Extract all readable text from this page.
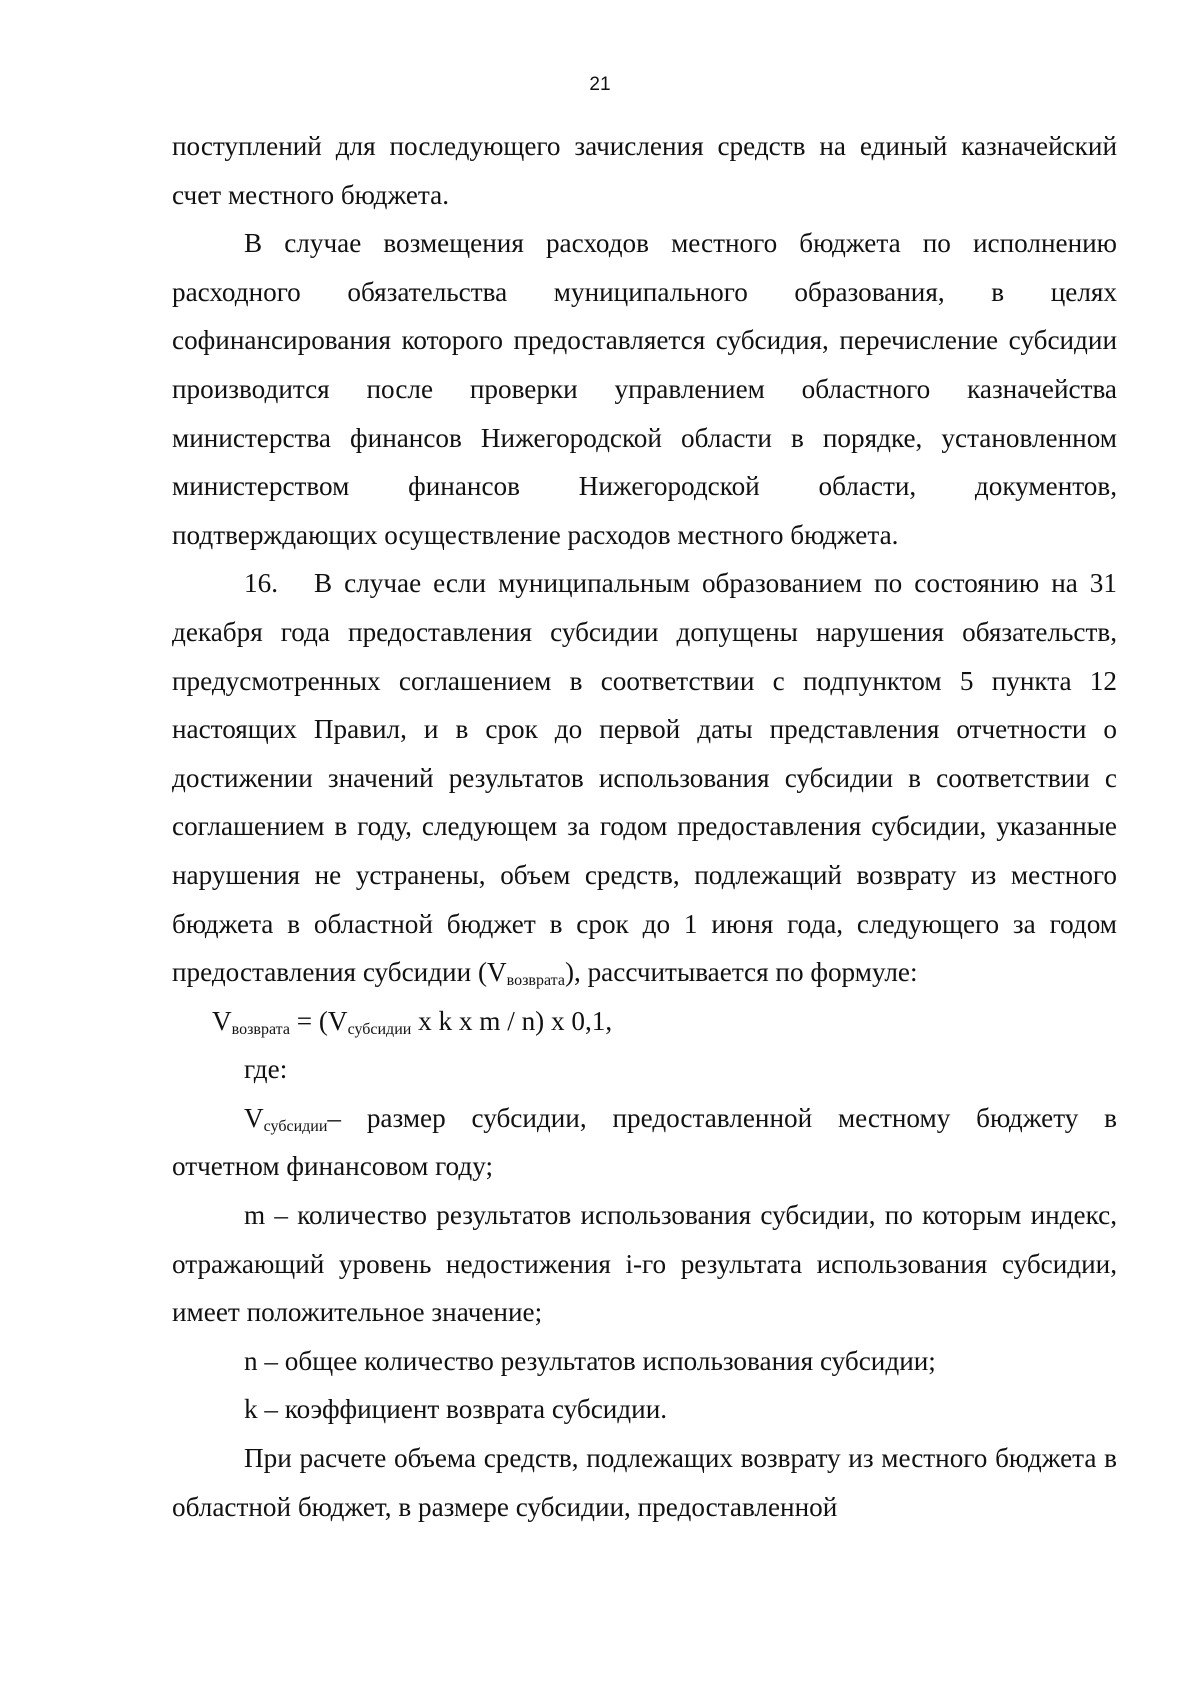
21

поступлений для последующего зачисления средств на единый казначейский счет местного бюджета.

В случае возмещения расходов местного бюджета по исполнению расходного обязательства муниципального образования, в целях софинансирования которого предоставляется субсидия, перечисление субсидии производится после проверки управлением областного казначейства министерства финансов Нижегородской области в порядке, установленном министерством финансов Нижегородской области, документов, подтверждающих осуществление расходов местного бюджета.

16.   В случае если муниципальным образованием по состоянию на 31 декабря года предоставления субсидии допущены нарушения обязательств, предусмотренных соглашением в соответствии с подпунктом 5 пункта 12 настоящих Правил, и в срок до первой даты представления отчетности о достижении значений результатов использования субсидии в соответствии с соглашением в году, следующем за годом предоставления субсидии, указанные нарушения не устранены, объем средств, подлежащий возврату из местного бюджета в областной бюджет в срок до 1 июня года, следующего за годом предоставления субсидии $(V_{возврата})$, рассчитывается по формуле:

$V_{возврата} = (V_{субсидии}$ x k x m / n) x 0,1,

где:

$V_{субсидии}-$ размер субсидии, предоставленной местному бюджету в отчетном финансовом году;

m – количество результатов использования субсидии, по которым индекс, отражающий уровень недостижения i-го результата использования субсидии, имеет положительное значение;

n – общее количество результатов использования субсидии;

k – коэффициент возврата субсидии.

При расчете объема средств, подлежащих возврату из местного бюджета в областной бюджет, в размере субсидии, предоставленной
